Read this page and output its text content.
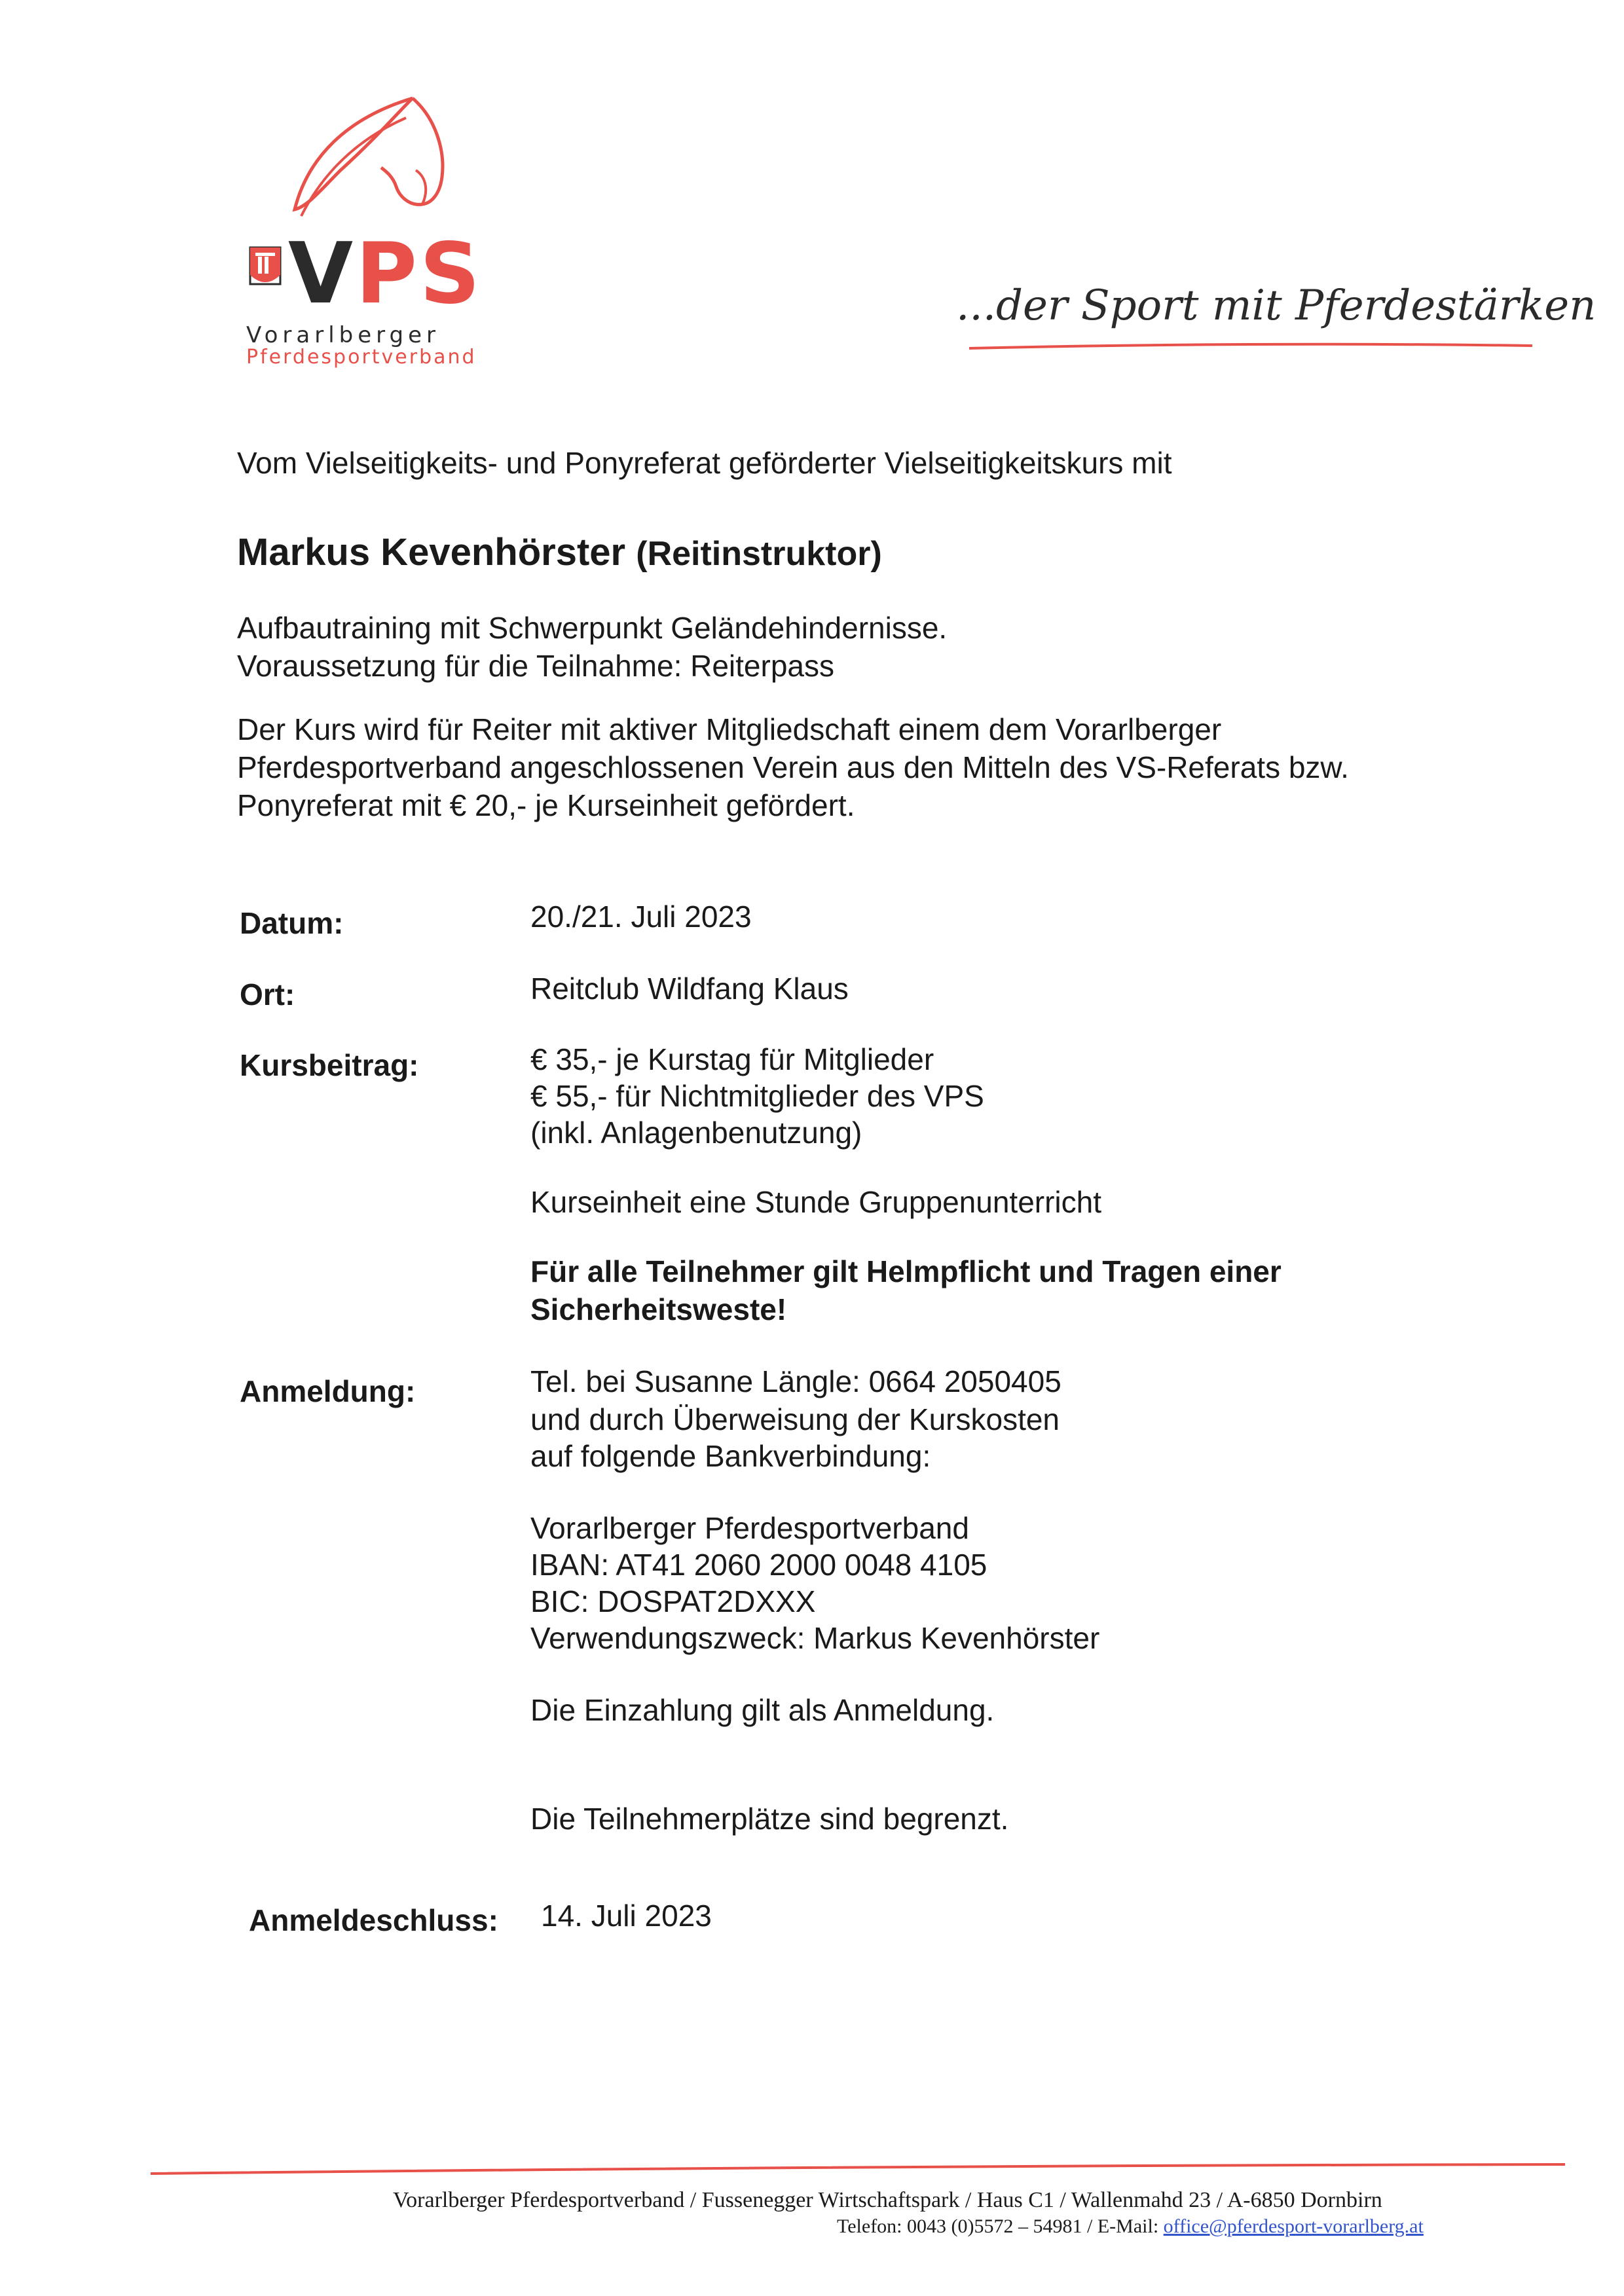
VPS
Vorarlberger
Pferdesportverband
...der Sport mit Pferdestärken
Vom Vielseitigkeits- und Ponyreferat geförderter Vielseitigkeitskurs mit
Markus Kevenhörster (Reitinstruktor)
Aufbautraining mit Schwerpunkt Geländehindernisse.
Voraussetzung für die Teilnahme: Reiterpass
Der Kurs wird für Reiter mit aktiver Mitgliedschaft einem dem Vorarlberger
Pferdesportverband angeschlossenen Verein aus den Mitteln des VS-Referats bzw.
Ponyreferat mit € 20,- je Kurseinheit gefördert.
Datum:	20./21. Juli 2023
Ort:	Reitclub Wildfang Klaus
Kursbeitrag:	€ 35,- je Kurstag für Mitglieder
€ 55,- für Nichtmitglieder des VPS
(inkl. Anlagenbenutzung)
Kurseinheit eine Stunde Gruppenunterricht
Für alle Teilnehmer gilt Helmpflicht und Tragen einer
Sicherheitsweste!
Anmeldung:	Tel. bei Susanne Längle: 0664 2050405
und durch Überweisung der Kurskosten
auf folgende Bankverbindung:
Vorarlberger Pferdesportverband
IBAN: AT41 2060 2000 0048 4105
BIC: DOSPAT2DXXX
Verwendungszweck: Markus Kevenhörster
Die Einzahlung gilt als Anmeldung.
Die Teilnehmerplätze sind begrenzt.
Anmeldeschluss: 14. Juli 2023
Vorarlberger Pferdesportverband / Fussenegger Wirtschaftspark / Haus C1 / Wallenmahd 23 / A-6850 Dornbirn
Telefon: 0043 (0)5572 – 54981 / E-Mail: office@pferdesport-vorarlberg.at
